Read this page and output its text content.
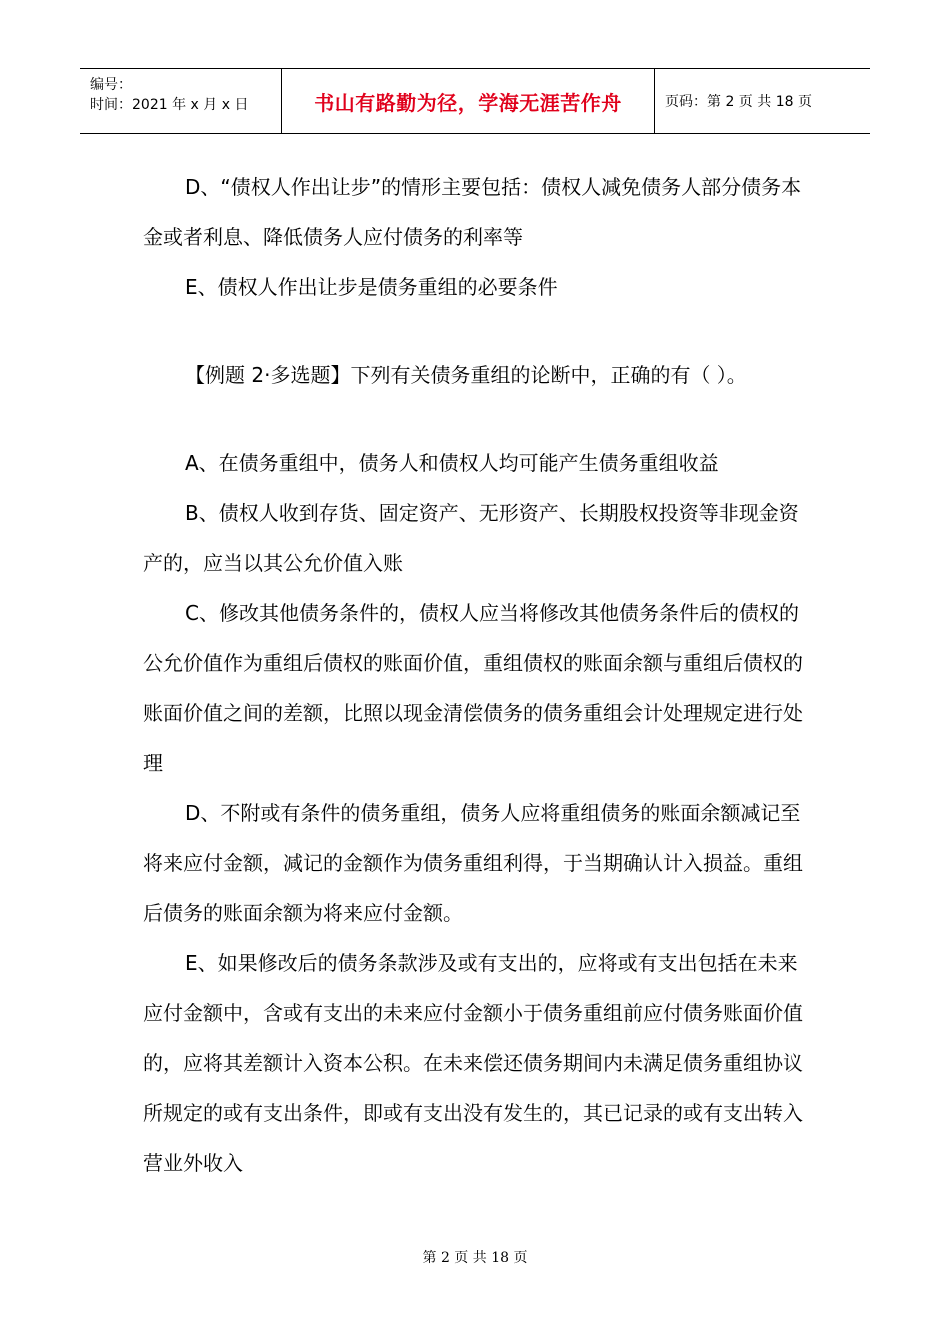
编号：
时间：2021 年 x 月 x 日	书山有路勤为径，学海无涯苦作舟	页码：第 2 页 共 18 页

D、“债权人作出让步”的情形主要包括：债权人减免债务人部分债务本金或者利息、降低债务人应付债务的利率等

E、债权人作出让步是债务重组的必要条件

【例题 2·多选题】下列有关债务重组的论断中，正确的有（ ）。

A、在债务重组中，债务人和债权人均可能产生债务重组收益

B、债权人收到存货、固定资产、无形资产、长期股权投资等非现金资产的，应当以其公允价值入账

C、修改其他债务条件的，债权人应当将修改其他债务条件后的债权的公允价值作为重组后债权的账面价值，重组债权的账面余额与重组后债权的账面价值之间的差额，比照以现金清偿债务的债务重组会计处理规定进行处理

D、不附或有条件的债务重组，债务人应将重组债务的账面余额减记至将来应付金额，减记的金额作为债务重组利得，于当期确认计入损益。重组后债务的账面余额为将来应付金额。

E、如果修改后的债务条款涉及或有支出的，应将或有支出包括在未来应付金额中，含或有支出的未来应付金额小于债务重组前应付债务账面价值的，应将其差额计入资本公积。在未来偿还债务期间内未满足债务重组协议所规定的或有支出条件，即或有支出没有发生的，其已记录的或有支出转入营业外收入

第 2 页 共 18 页
